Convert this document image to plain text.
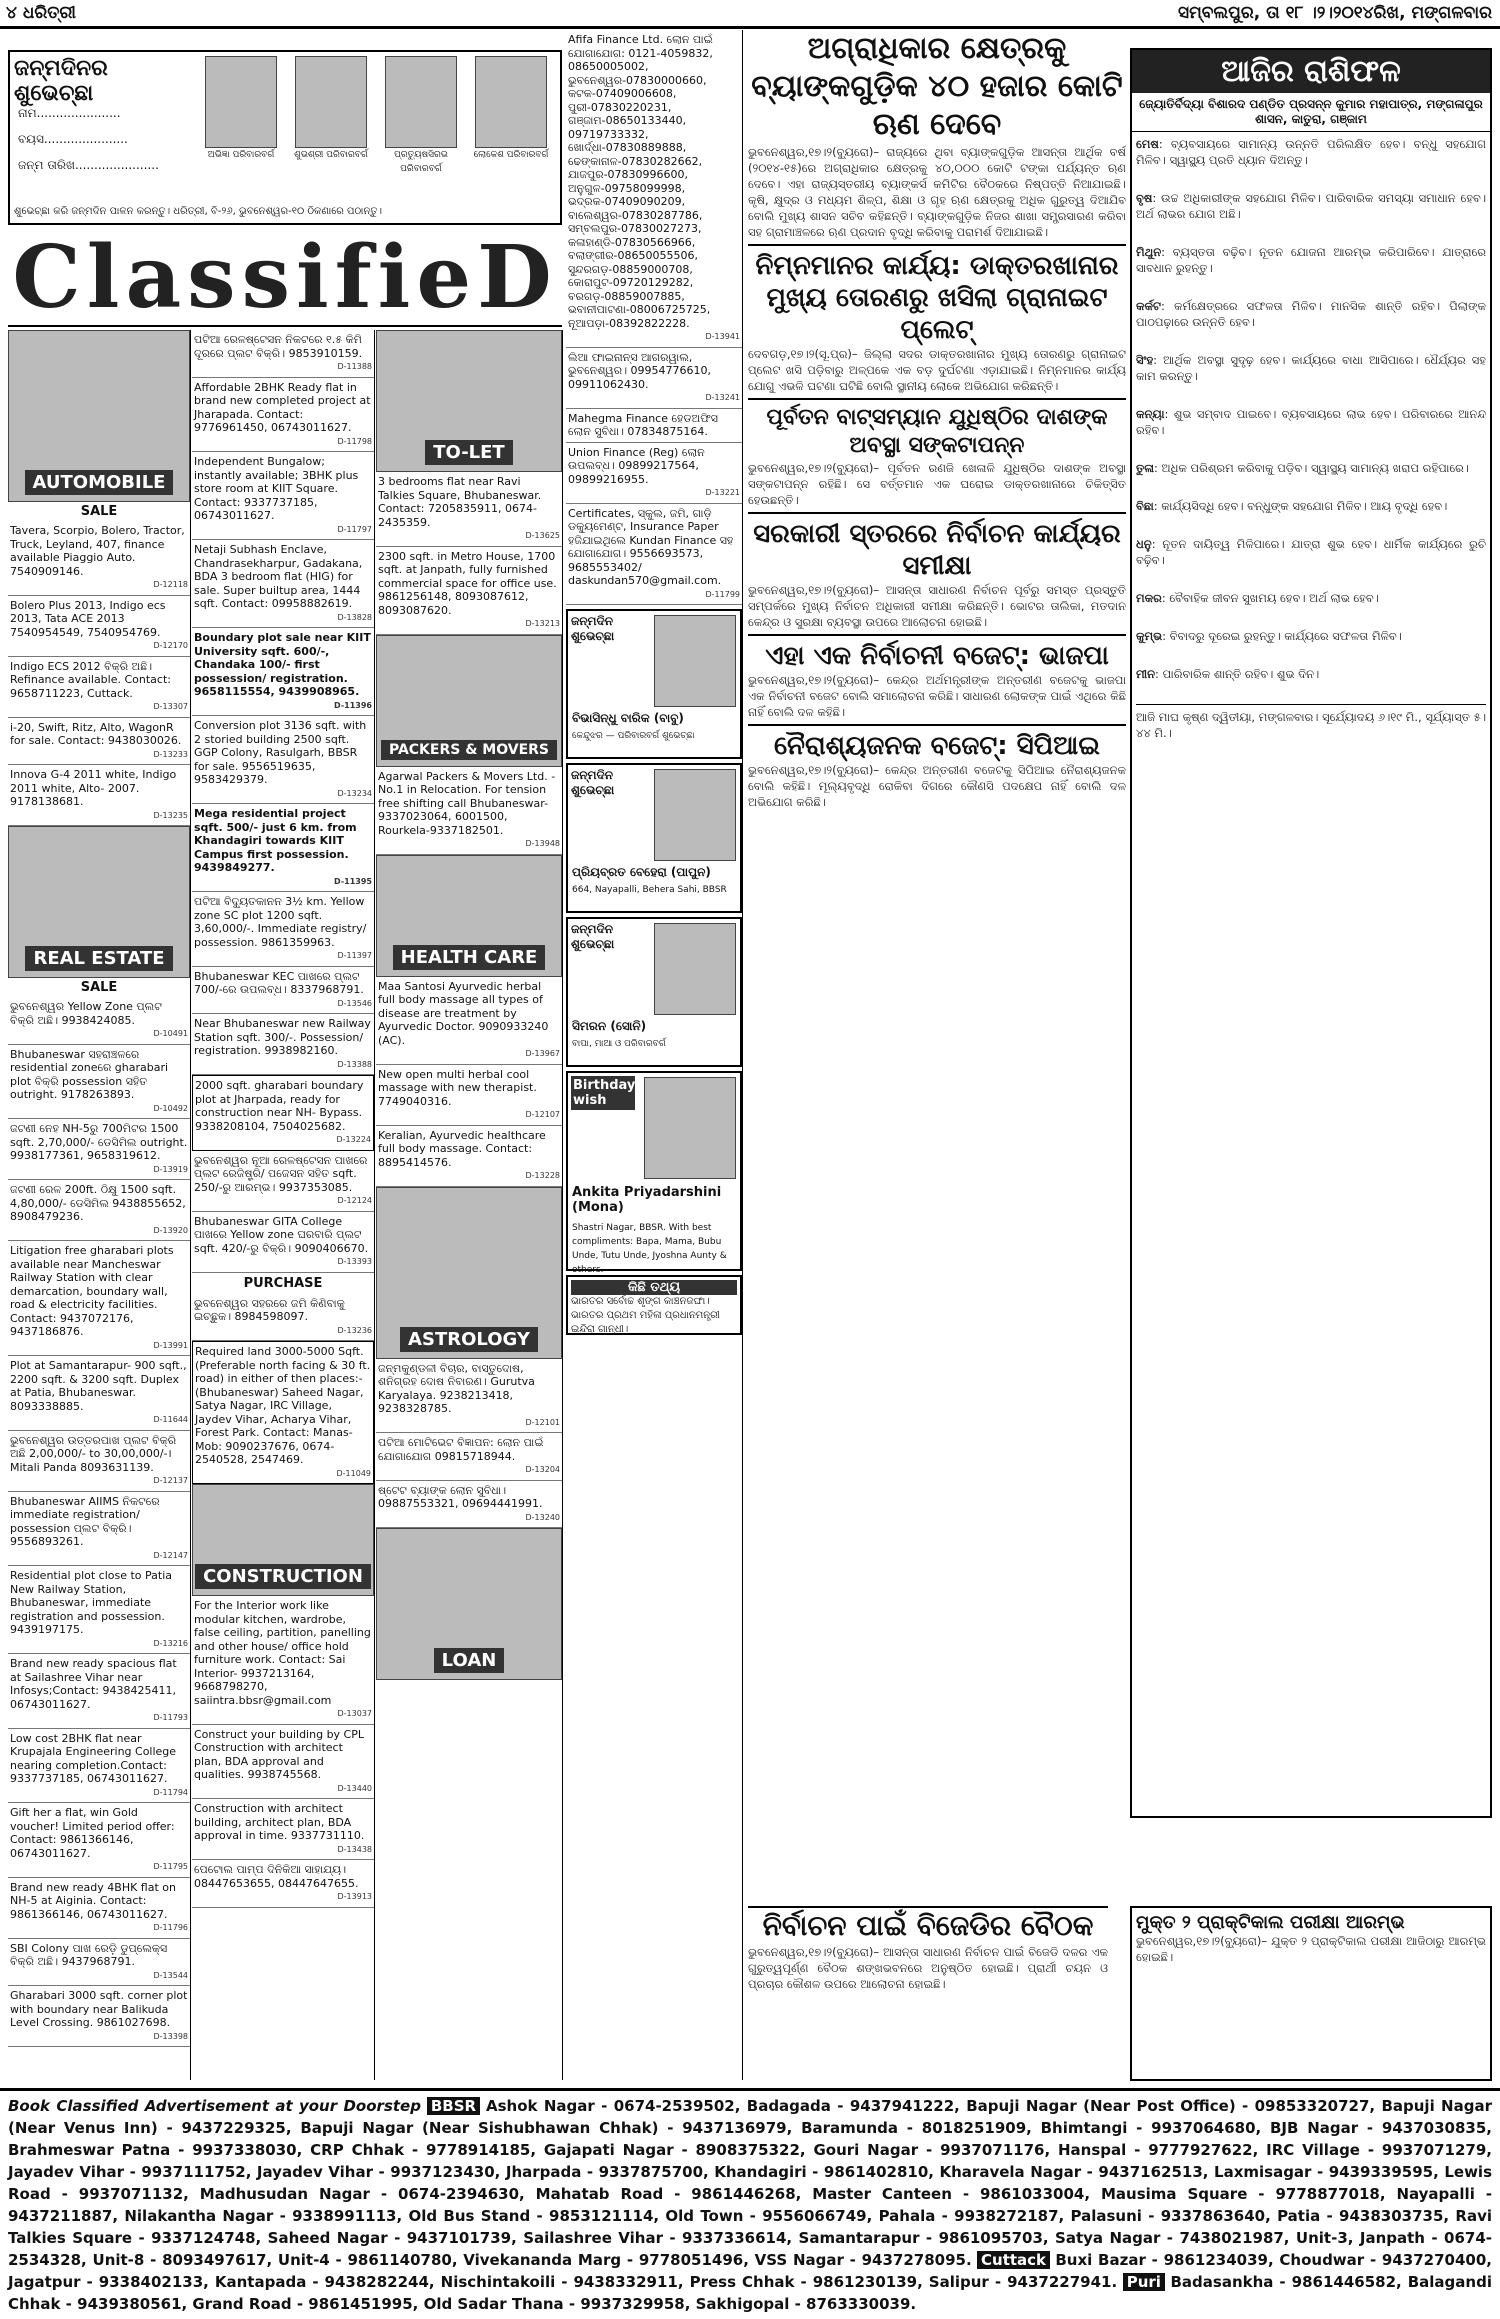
୪ ଧରିତ୍ରୀ	ସମ୍ବଲପୁର, ତା ୧୮ ।୨।୨୦୧୪ରିଖ, ମଙ୍ଗଳବାର
ଜନ୍ମଦିନର ଶୁଭେଚ୍ଛା
ନାମ......................
ବୟସ......................
ଜନ୍ମ ତାରିଖ......................
ଅଭିଜ୍ଞା ପରିବାରବର୍ଗ	ଶୁଭଶ୍ରୀ ପରିବାରବର୍ଗ	ପ୍ରତ୍ୟୁଷସିରଭ ପରିବାରବର୍ଗ
ଲୋକେଶ ପରିବାରବର୍ଗ
ଶୁଭେଚ୍ଛା କରି ଜନ୍ମଦିନ ପାଳନ କରନ୍ତୁ। ଧରିତ୍ରୀ, ବି-୨୬, ଭୁବନେଶ୍ୱର-୧୦ ଠିକଣାରେ ପଠାନ୍ତୁ।
ClassifieD
AUTOMOBILE
SALE
Tavera, Scorpio, Bolero, Tractor, Truck, Leyland, 407, finance available Piaggio Auto. 7540909146.
D-12118
Bolero Plus 2013, Indigo ecs 2013, Tata ACE 2013 7540954549, 7540954769.
D-12170
Indigo ECS 2012 ବିକ୍ରି ଅଛି। Refinance available. Contact: 9658711223, Cuttack.
D-13307
i-20, Swift, Ritz, Alto, WagonR for sale. Contact: 9438030026.
D-13233
Innova G-4 2011 white, Indigo 2011 white, Alto- 2007. 9178138681.
D-13235
REAL ESTATE
SALE
ଭୁବନେଶ୍ୱର Yellow Zone ପ୍ଲଟ ବିକ୍ରି ଅଛି। 9938424085.
D-10491
Bhubaneswar ସହରାଞ୍ଚଳରେ residential zoneରେ gharabari plot ବିକ୍ରି possession ସହିତ outright. 9178263893.
D-10492
ଜଟଣୀ ନେହ NH-5ରୁ 700ମିଟର 1500 sqft. 2,70,000/- ଡେସିମିଲ outright. 9938177361, 9658319612.
D-13919
ଜଟଣୀ ରେଳ 200ft. ଠିକ୍ଷୁ 1500 sqft. 4,80,000/- ଡେସିମିଲ 9438855652, 8908479236.
D-13920
Litigation free gharabari plots available near Mancheswar Railway Station with clear demarcation, boundary wall, road & electricity facilities. Contact: 9437072176, 9437186876.
D-13991
Plot at Samantarapur- 900 sqft., 2200 sqft. & 3200 sqft. Duplex at Patia, Bhubaneswar. 8093338885.
D-11644
ଭୁବନେଶ୍ୱର ଉତ୍ତରପାଖ ପ୍ଲଟ ବିକ୍ରି ଅଛି 2,00,000/- to 30,00,000/-। Mitali Panda 8093631139.
D-12137
Bhubaneswar AIIMS ନିକଟରେ immediate registration/ possession ପ୍ଲଟ ବିକ୍ରି। 9556893261.
D-12147
Residential plot close to Patia New Railway Station, Bhubaneswar, immediate registration and possession. 9439197175.
D-13216
Brand new ready spacious flat at Sailashree Vihar near Infosys;Contact: 9438425411, 06743011627.
D-11793
Low cost 2BHK flat near Krupajala Engineering College nearing completion.Contact: 9337737185, 06743011627.
D-11794
Gift her a flat, win Gold voucher! Limited period offer: Contact: 9861366146, 06743011627.
D-11795
Brand new ready 4BHK flat on NH-5 at Aiginia. Contact: 9861366146, 06743011627.
D-11796
SBI Colony ପାଖ ରେଡ଼ି ଡୁପ୍ଲେକ୍ସ ବିକ୍ରି ଅଛି। 9437968791.
D-13544
Gharabari 3000 sqft. corner plot with boundary near Balikuda Level Crossing. 9861027698.
D-13398
ପଟିଆ ରେଳଷ୍ଟେସନ ନିକଟରେ ୧.୫ କିମି ଦୂରରେ ପ୍ଲଟ ବିକ୍ରି। 9853910159.
D-11388
Affordable 2BHK Ready flat in brand new completed project at Jharapada. Contact: 9776961450, 06743011627.
D-11798
Independent Bungalow; instantly available; 3BHK plus store room at KIIT Square. Contact: 9337737185, 06743011627.
D-11797
Netaji Subhash Enclave, Chandrasekharpur, Gadakana, BDA 3 bedroom flat (HIG) for sale. Super builtup area, 1444 sqft. Contact: 09958882619.
D-13828
Boundary plot sale near KIIT University sqft. 600/-, Chandaka 100/- first possession/ registration. 9658115554, 9439908965.
D-11396
Conversion plot 3136 sqft. with 2 storied building 2500 sqft. GGP Colony, Rasulgarh, BBSR for sale. 9556519635, 9583429379.
D-13234
Mega residential project sqft. 500/- just 6 km. from Khandagiri towards KIIT Campus first possession. 9439849277.
D-11395
ପଟିଆ ବିଦ୍ୟୁତକାନନ 3½ km. Yellow zone SC plot 1200 sqft. 3,60,000/-. Immediate registry/ possession. 9861359963.
D-11397
Bhubaneswar KEC ପାଖରେ ପ୍ଲଟ 700/-ରେ ଉପଲବ୍ଧ। 8337968791.
D-13546
Near Bhubaneswar new Railway Station sqft. 300/-. Possession/ registration. 9938982160.
D-13388
2000 sqft. gharabari boundary plot at Jharpada, ready for construction near NH- Bypass. 9338208104, 7504025682.
D-13224
ଭୁବନେଶ୍ୱର ନୂଆ ରେଳଷ୍ଟେସନ ପାଖରେ ପ୍ଲଟ ରେଜିଷ୍ଟ୍ରି/ ପଜେସନ ସହିତ sqft. 250/-ରୁ ଆରମ୍ଭ। 9937353085.
D-12124
Bhubaneswar GITA College ପାଖରେ Yellow zone ଘରବାରି ପ୍ଲଟ sqft. 420/-ରୁ ବିକ୍ରି। 9090406670.
D-13393
PURCHASE
ଭୁବନେଶ୍ୱର ସହରରେ ଜମି କିଣିବାକୁ ଇଚ୍ଛୁକ। 8984598097.
D-13236
Required land 3000-5000 Sqft. (Preferable north facing & 30 ft. road) in either of then places:- (Bhubaneswar) Saheed Nagar, Satya Nagar, IRC Village, Jaydev Vihar, Acharya Vihar, Forest Park. Contact: Manas- Mob: 9090237676, 0674-2540528, 2547469.
D-11049
CONSTRUCTION
For the Interior work like modular kitchen, wardrobe, false ceiling, partition, panelling and other house/ office hold furniture work. Contact: Sai Interior- 9937213164, 9668798270, saiintra.bbsr@gmail.com
D-13037
Construct your building by CPL Construction with architect plan, BDA approval and qualities. 9938745568.
D-13440
Construction with architect building, architect plan, BDA approval in time. 9337731110.
D-13438
ପେଟୋଲ ପାମ୍ପ ଦିନିକିଆ ସାହାଯ୍ୟ। 08447653655, 08447647655.
D-13913
TO-LET
3 bedrooms flat near Ravi Talkies Square, Bhubaneswar. Contact: 7205835911, 0674-2435359.
D-13625
2300 sqft. in Metro House, 1700 sqft. at Janpath, fully furnished commercial space for office use. 9861256148, 8093087612, 8093087620.
D-13213
PACKERS & MOVERS
Agarwal Packers & Movers Ltd. - No.1 in Relocation. For tension free shifting call Bhubaneswar- 9337023064, 6001500, Rourkela-9337182501.
D-13948
HEALTH CARE
Maa Santosi Ayurvedic herbal full body massage all types of disease are treatment by Ayurvedic Doctor. 9090933240 (AC).
D-13967
New open multi herbal cool massage with new therapist. 7749040316.
D-12107
Keralian, Ayurvedic healthcare full body massage. Contact: 8895414576.
D-13228
ASTROLOGY
ଜନ୍ମକୁଣ୍ଡଳୀ ବିଚାର, ବାସ୍ତୁଦୋଷ, ଶନିଗ୍ରହ ଦୋଷ ନିବାରଣ। Gurutva Karyalaya. 9238213418, 9238328785.
D-12101
ପଟିଆ ମୋଟିଭେଟ ବିଜ୍ଞାପନ: ଲୋନ ପାଇଁ ଯୋଗାଯୋଗ 09815718944.
D-13204
ଷ୍ଟେଟ ବ୍ୟାଙ୍କ ଲୋନ ସୁବିଧା। 09887553321, 09694441991.
D-13240
LOAN
Afifa Finance Ltd. ଲୋନ ପାଇଁ ଯୋଗାଯୋଗ: 0121-4059832, 08650005002, ଭୁବନେଶ୍ୱର-07830000660, କଟକ-07409006608, ପୁରୀ-07830220231, ଗଞ୍ଜାମ-08650133440, 09719733332, ଖୋର୍ଦ୍ଧା-07830889888, ଢେଙ୍କାନାଳ-07830282662, ଯାଜପୁର-07830996600, ଅନୁଗୁଳ-09758099998, ଭଦ୍ରକ-07409090209, ବାଲେଶ୍ୱର-07830287786, ସମ୍ବଲପୁର-07830027273, କଳାହାଣ୍ଡି-07830566966, ବଲାଙ୍ଗୀର-08650055506, ସୁନ୍ଦରଗଡ଼-08859000708, କୋରାପୁଟ-09720129282, ବରଗଡ଼-08859007885, ଭବାନୀପାଟଣା-08006725725, ନୂଆପଡ଼ା-08392822228.
D-13941
ଲିଆ ଫାଇନାନ୍ସ ଆଗରୱାଲ, ଭୁବନେଶ୍ୱର। 09954776610, 09911062430.
D-13241
Mahegma Finance ହେଡଅଫିସ ଲୋନ ସୁବିଧା। 07834875164.
Union Finance (Reg) ଲୋନ ଉପଲବ୍ଧ। 09899217564, 09899216955.
D-13221
Certificates, ସ୍କୁଲ, ଜମି, ଗାଡ଼ି ଡକ୍ୟୁମେଣ୍ଟ, Insurance Paper ହଜିଯାଇଥିଲେ Kundan Finance ସହ ଯୋଗାଯୋଗ। 9556693573, 9685553402/ daskundan570@gmail.com.
D-11799
ଜନ୍ମଦିନ ଶୁଭେଚ୍ଛା
ବିଭାସିନ୍ଧୁ ବାରିକ (ବାବୁ)
କେନ୍ଦୁଝର — ପରିବାରବର୍ଗ ଶୁଭେଚ୍ଛା
ଜନ୍ମଦିନ ଶୁଭେଚ୍ଛା
ପ୍ରିୟବ୍ରତ ବେହେରା (ପାପୁନ)
664, Nayapalli, Behera Sahi, BBSR
ଜନ୍ମଦିନ ଶୁଭେଚ୍ଛା
ସିମରନ (ସୋନି)
ବାପା, ମାଆ ଓ ପରିବାରବର୍ଗ
Birthday wish
Ankita Priyadarshini (Mona)
Shastri Nagar, BBSR. With best compliments: Bapa, Mama, Bubu Unde, Tutu Unde, Jyoshna Aunty & others.
କିଛି ତଥ୍ୟ
ଭାରତର ସର୍ବୋଚ୍ଚ ଶୃଙ୍ଗ କାଞ୍ଚନଜଙ୍ଘା। ଭାରତର ପ୍ରଥମ ମହିଳା ପ୍ରଧାନମନ୍ତ୍ରୀ ଇନ୍ଦିରା ଗାନ୍ଧୀ।
ଅଗ୍ରାଧିକାର କ୍ଷେତ୍ରକୁ ବ୍ୟାଙ୍କଗୁଡ଼ିକ ୪୦ ହଜାର କୋଟି ଋଣ ଦେବେ
ଭୁବନେଶ୍ୱର,୧୭।୨(ବ୍ୟୁରୋ)– ରାଜ୍ୟରେ ଥିବା ବ୍ୟାଙ୍କଗୁଡ଼ିକ ଆସନ୍ତା ଆର୍ଥିକ ବର୍ଷ (୨୦୧୪-୧୫)ରେ ଅଗ୍ରାଧିକାର କ୍ଷେତ୍ରକୁ ୪୦,୦୦୦ କୋଟି ଟଙ୍କା ପର୍ଯ୍ୟନ୍ତ ଋଣ ଦେବେ। ଏହା ରାଜ୍ୟସ୍ତରୀୟ ବ୍ୟାଙ୍କର୍ସ କମିଟିର ବୈଠକରେ ନିଷ୍ପତ୍ତି ନିଆଯାଇଛି। କୃଷି, କ୍ଷୁଦ୍ର ଓ ମଧ୍ୟମ ଶିଳ୍ପ, ଶିକ୍ଷା ଓ ଗୃହ ଋଣ କ୍ଷେତ୍ରକୁ ଅଧିକ ଗୁରୁତ୍ୱ ଦିଆଯିବ ବୋଲି ମୁଖ୍ୟ ଶାସନ ସଚିବ କହିଛନ୍ତି। ବ୍ୟାଙ୍କଗୁଡ଼ିକ ନିଜର ଶାଖା ସମ୍ପ୍ରସାରଣ କରିବା ସହ ଗ୍ରାମାଞ୍ଚଳରେ ଋଣ ପ୍ରଦାନ ବୃଦ୍ଧି କରିବାକୁ ପରାମର୍ଶ ଦିଆଯାଇଛି।
ନିମ୍ନମାନର କାର୍ଯ୍ୟ: ଡାକ୍ତରଖାନାର ମୁଖ୍ୟ ତୋରଣରୁ ଖସିଲା ଗ୍ରାନାଇଟ ପ୍ଲେଟ୍
ଦେବଗଡ଼,୧୭।୨(ସୂ.ପ୍ର)– ଜିଲ୍ଲା ସଦର ଡାକ୍ତରଖାନାର ମୁଖ୍ୟ ତୋରଣରୁ ଗ୍ରାନାଇଟ ପ୍ଲେଟ ଖସି ପଡ଼ିବାରୁ ଅଳ୍ପକେ ଏକ ବଡ଼ ଦୁର୍ଘଟଣା ଏଡ଼ାଯାଇଛି। ନିମ୍ନମାନର କାର୍ଯ୍ୟ ଯୋଗୁ ଏଭଳି ଘଟଣା ଘଟିଛି ବୋଲି ସ୍ଥାନୀୟ ଲୋକେ ଅଭିଯୋଗ କରିଛନ୍ତି।
ପୂର୍ବତନ ବାଟ୍ସମ୍ୟାନ ଯୁଧିଷ୍ଠିର ଦାଶଙ୍କ ଅବସ୍ଥା ସଙ୍କଟାପନ୍ନ
ଭୁବନେଶ୍ୱର,୧୭।୨(ବ୍ୟୁରୋ)– ପୂର୍ବତନ ରଣଜି ଖେଳାଳି ଯୁଧିଷ୍ଠିର ଦାଶଙ୍କ ଅବସ୍ଥା ସଙ୍କଟାପନ୍ନ ରହିଛି। ସେ ବର୍ତ୍ତମାନ ଏକ ଘରୋଇ ଡାକ୍ତରଖାନାରେ ଚିକିତ୍ସିତ ହେଉଛନ୍ତି।
ସରକାରୀ ସ୍ତରରେ ନିର୍ବାଚନ କାର୍ଯ୍ୟର ସମୀକ୍ଷା
ଭୁବନେଶ୍ୱର,୧୭।୨(ବ୍ୟୁରୋ)– ଆସନ୍ତା ସାଧାରଣ ନିର୍ବାଚନ ପୂର୍ବରୁ ସମସ୍ତ ପ୍ରସ୍ତୁତି ସମ୍ପର୍କରେ ମୁଖ୍ୟ ନିର୍ବାଚନ ଅଧିକାରୀ ସମୀକ୍ଷା କରିଛନ୍ତି। ଭୋଟର ତାଲିକା, ମତଦାନ କେନ୍ଦ୍ର ଓ ସୁରକ୍ଷା ବ୍ୟବସ୍ଥା ଉପରେ ଆଲୋଚନା ହୋଇଛି।
ଏହା ଏକ ନିର୍ବାଚନୀ ବଜେଟ୍: ଭାଜପା
ଭୁବନେଶ୍ୱର,୧୭।୨(ବ୍ୟୁରୋ)– କେନ୍ଦ୍ର ଅର୍ଥମନ୍ତ୍ରୀଙ୍କ ଅନ୍ତରୀଣ ବଜେଟକୁ ଭାଜପା ଏକ ନିର୍ବାଚନୀ ବଜେଟ ବୋଲି ସମାଲୋଚନା କରିଛି। ସାଧାରଣ ଲୋକଙ୍କ ପାଇଁ ଏଥିରେ କିଛି ନାହିଁ ବୋଲି ଦଳ କହିଛି।
ନୈରାଶ୍ୟଜନକ ବଜେଟ୍: ସିପିଆଇ
ଭୁବନେଶ୍ୱର,୧୭।୨(ବ୍ୟୁରୋ)– କେନ୍ଦ୍ର ଅନ୍ତରୀଣ ବଜେଟକୁ ସିପିଆଇ ନୈରାଶ୍ୟଜନକ ବୋଲି କହିଛି। ମୂଲ୍ୟବୃଦ୍ଧି ରୋକିବା ଦିଗରେ କୌଣସି ପଦକ୍ଷେପ ନାହିଁ ବୋଲି ଦଳ ଅଭିଯୋଗ କରିଛି।
ଆଜିର ରାଶିଫଳ
ଜ୍ୟୋତିର୍ବିଦ୍ୟା ବିଶାରଦ ପଣ୍ଡିତ ପ୍ରସନ୍ନ କୁମାର ମହାପାତ୍ର, ମଙ୍ଗଳାପୁର ଶାସନ, କାତୁରା, ଗଞ୍ଜାମ
ମେଷ: ବ୍ୟବସାୟରେ ସାମାନ୍ୟ ଉନ୍ନତି ପରିଲକ୍ଷିତ ହେବ। ବନ୍ଧୁ ସହଯୋଗ ମିଳିବ। ସ୍ୱାସ୍ଥ୍ୟ ପ୍ରତି ଧ୍ୟାନ ଦିଅନ୍ତୁ।
ବୃଷ: ଉଚ୍ଚ ଅଧିକାରୀଙ୍କ ସହଯୋଗ ମିଳିବ। ପାରିବାରିକ ସମସ୍ୟା ସମାଧାନ ହେବ। ଅର୍ଥ ଲାଭର ଯୋଗ ଅଛି।
ମିଥୁନ: ବ୍ୟସ୍ତତା ବଢ଼ିବ। ନୂତନ ଯୋଜନା ଆରମ୍ଭ କରିପାରିବେ। ଯାତ୍ରାରେ ସାବଧାନ ରୁହନ୍ତୁ।
କର୍କଟ: କର୍ମକ୍ଷେତ୍ରରେ ସଫଳତା ମିଳିବ। ମାନସିକ ଶାନ୍ତି ରହିବ। ପିଲାଙ୍କ ପାଠପଢ଼ାରେ ଉନ୍ନତି ହେବ।
ସିଂହ: ଆର୍ଥିକ ଅବସ୍ଥା ସୁଦୃଢ଼ ହେବ। କାର୍ଯ୍ୟରେ ବାଧା ଆସିପାରେ। ଧୈର୍ଯ୍ୟର ସହ କାମ କରନ୍ତୁ।
କନ୍ୟା: ଶୁଭ ସମ୍ବାଦ ପାଇବେ। ବ୍ୟବସାୟରେ ଲାଭ ହେବ। ପରିବାରରେ ଆନନ୍ଦ ରହିବ।
ତୁଳା: ଅଧିକ ପରିଶ୍ରମ କରିବାକୁ ପଡ଼ିବ। ସ୍ୱାସ୍ଥ୍ୟ ସାମାନ୍ୟ ଖରାପ ରହିପାରେ।
ବିଛା: କାର୍ଯ୍ୟସିଦ୍ଧି ହେବ। ବନ୍ଧୁଙ୍କ ସହଯୋଗ ମିଳିବ। ଆୟ ବୃଦ୍ଧି ହେବ।
ଧନୁ: ନୂତନ ଦାୟିତ୍ୱ ମିଳିପାରେ। ଯାତ୍ରା ଶୁଭ ହେବ। ଧାର୍ମିକ କାର୍ଯ୍ୟରେ ରୁଚି ବଢ଼ିବ।
ମକର: ବୈବାହିକ ଜୀବନ ସୁଖମୟ ହେବ। ଅର୍ଥ ଲାଭ ହେବ।
କୁମ୍ଭ: ବିବାଦରୁ ଦୂରେଇ ରୁହନ୍ତୁ। କାର୍ଯ୍ୟରେ ସଫଳତା ମିଳିବ।
ମୀନ: ପାରିବାରିକ ଶାନ୍ତି ରହିବ। ଶୁଭ ଦିନ।
ଆଜି ମାଘ କୃଷ୍ଣ ଦ୍ୱିତୀୟା, ମଙ୍ଗଳବାର। ସୂର୍ଯ୍ୟୋଦୟ ୬।୧୯ ମି., ସୂର୍ଯ୍ୟାସ୍ତ ୫।୪୪ ମି.।
ନିର୍ବାଚନ ପାଇଁ ବିଜେଡିର ବୈଠକ
ଭୁବନେଶ୍ୱର,୧୭।୨(ବ୍ୟୁରୋ)– ଆସନ୍ତା ସାଧାରଣ ନିର୍ବାଚନ ପାଇଁ ବିଜେଡି ଦଳର ଏକ ଗୁରୁତ୍ୱପୂର୍ଣ୍ଣ ବୈଠକ ଶଙ୍ଖଭବନରେ ଅନୁଷ୍ଠିତ ହୋଇଛି। ପ୍ରାର୍ଥୀ ଚୟନ ଓ ପ୍ରଚାର କୌଶଳ ଉପରେ ଆଲୋଚନା ହୋଇଛି।
ମୁକ୍ତ ୨ ପ୍ରାକ୍ଟିକାଲ ପରୀକ୍ଷା ଆରମ୍ଭ
ଭୁବନେଶ୍ୱର,୧୭।୨(ବ୍ୟୁରୋ)– ଯୁକ୍ତ ୨ ପ୍ରାକ୍ଟିକାଲ ପରୀକ୍ଷା ଆଜିଠାରୁ ଆରମ୍ଭ ହୋଇଛି।
Book Classified Advertisement at your Doorstep BBSR Ashok Nagar - 0674-2539502, Badagada - 9437941222, Bapuji Nagar (Near Post Office) - 09853320727, Bapuji Nagar (Near Venus Inn) - 9437229325, Bapuji Nagar (Near Sishubhawan Chhak) - 9437136979, Baramunda - 8018251909, Bhimtangi - 9937064680, BJB Nagar - 9437030835, Brahmeswar Patna - 9937338030, CRP Chhak - 9778914185, Gajapati Nagar - 8908375322, Gouri Nagar - 9937071176, Hanspal - 9777927622, IRC Village - 9937071279, Jayadev Vihar - 9937111752, Jayadev Vihar - 9937123430, Jharpada - 9337875700, Khandagiri - 9861402810, Kharavela Nagar - 9437162513, Laxmisagar - 9439339595, Lewis Road - 9937071132, Madhusudan Nagar - 0674-2394630, Mahatab Road - 9861446268, Master Canteen - 9861033004, Mausima Square - 9778877018, Nayapalli - 9437211887, Nilakantha Nagar - 9338991113, Old Bus Stand - 9853121114, Old Town - 9556066749, Pahala - 9938272187, Palasuni - 9337863640, Patia - 9438303735, Ravi Talkies Square - 9337124748, Saheed Nagar - 9437101739, Sailashree Vihar - 9337336614, Samantarapur - 9861095703, Satya Nagar - 7438021987, Unit-3, Janpath - 0674-2534328, Unit-8 - 8093497617, Unit-4 - 9861140780, Vivekananda Marg - 9778051496, VSS Nagar - 9437278095. Cuttack Buxi Bazar - 9861234039, Choudwar - 9437270400, Jagatpur - 9338402133, Kantapada - 9438282244, Nischintakoili - 9438332911, Press Chhak - 9861230139, Salipur - 9437227941. Puri Badasankha - 9861446582, Balagandi Chhak - 9439380561, Grand Road - 9861451995, Old Sadar Thana - 9937329958, Sakhigopal - 8763330039.
